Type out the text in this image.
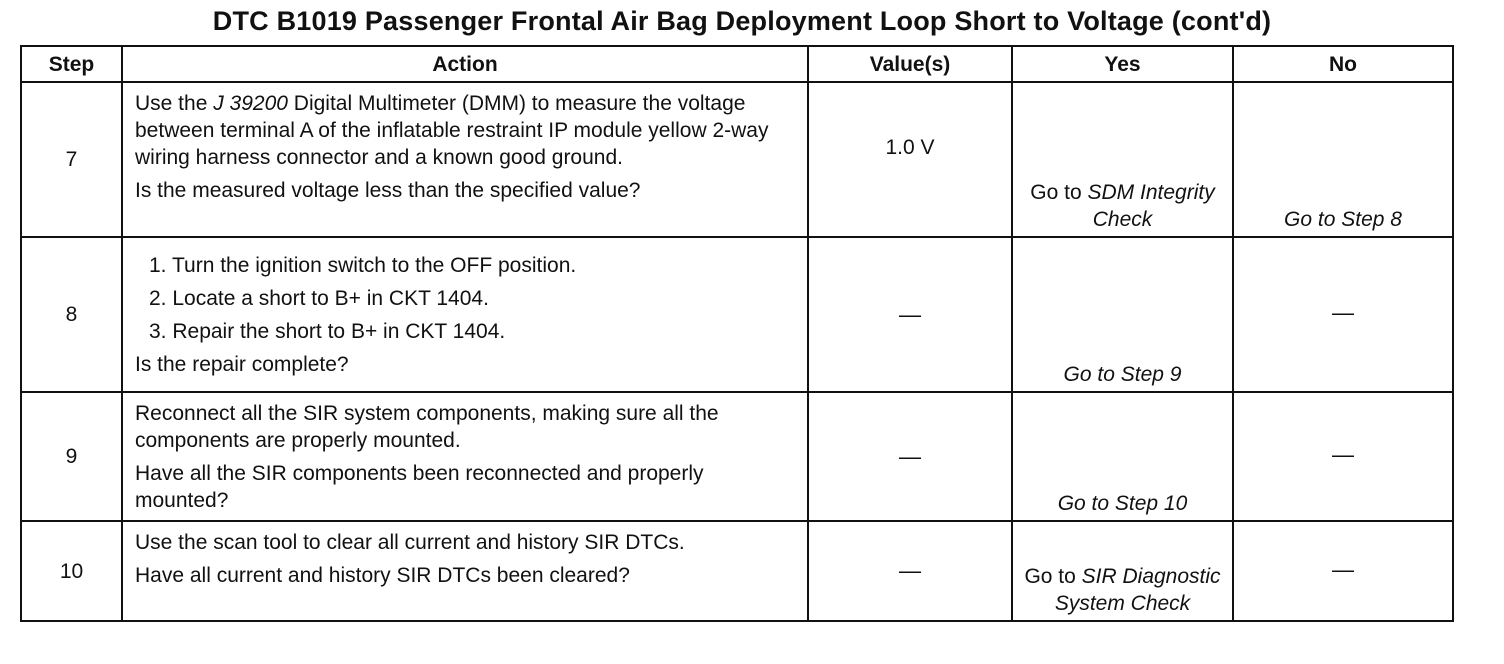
DTC B1019 Passenger Frontal Air Bag Deployment Loop Short to Voltage (cont'd)
Step	Action	Value(s)	Yes	No
7	Use the J 39200 Digital Multimeter (DMM) to measure the voltage between terminal A of the inflatable restraint IP module yellow 2-way wiring harness connector and a known good ground.
Is the measured voltage less than the specified value?	1.0 V	Go to SDM Integrity Check	Go to Step 8
8	1. Turn the ignition switch to the OFF position.
2. Locate a short to B+ in CKT 1404.
3. Repair the short to B+ in CKT 1404.
Is the repair complete?	—	Go to Step 9	—
9	Reconnect all the SIR system components, making sure all the components are properly mounted.
Have all the SIR components been reconnected and properly mounted?	—	Go to Step 10	—
10	Use the scan tool to clear all current and history SIR DTCs.
Have all current and history SIR DTCs been cleared?	—	Go to SIR Diagnostic System Check	—
